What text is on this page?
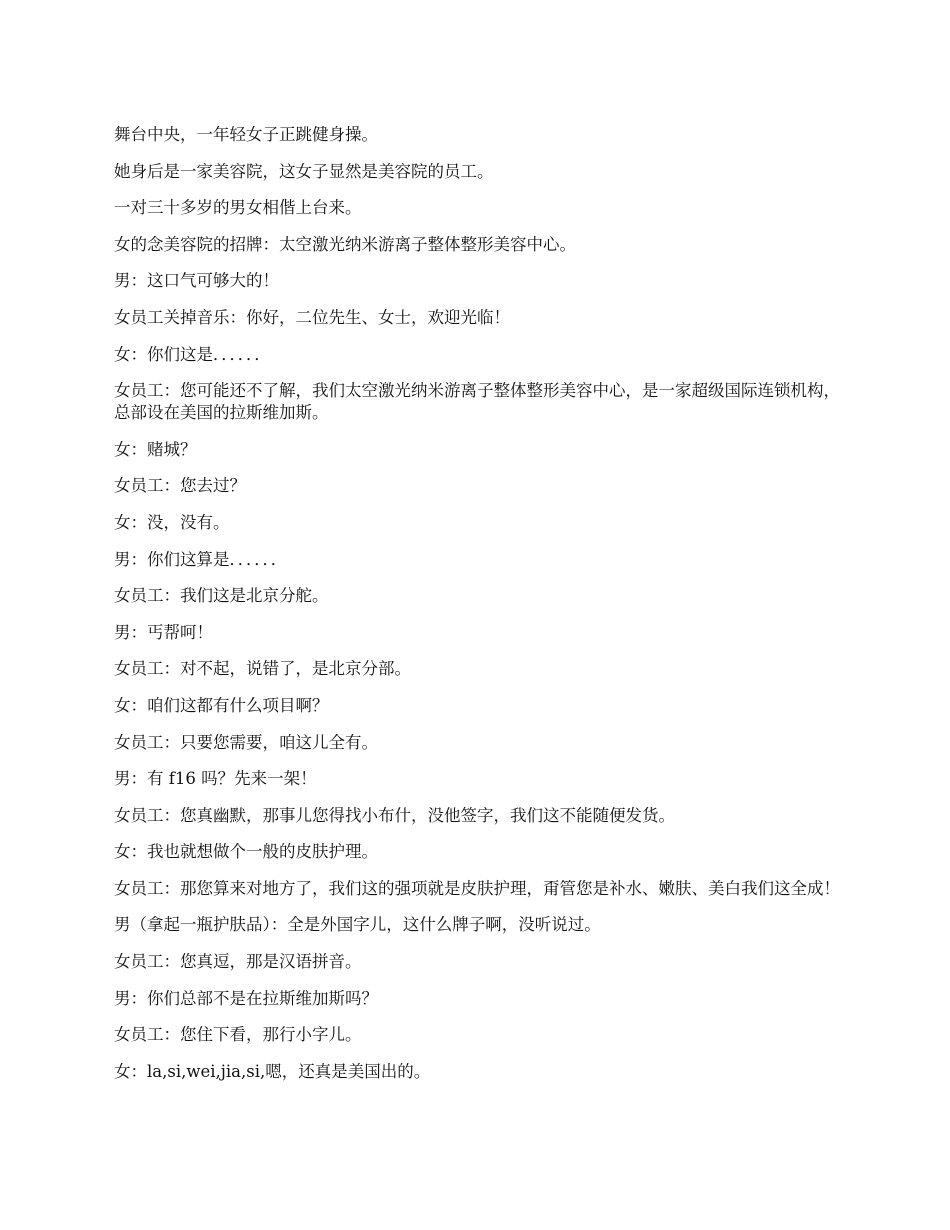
舞台中央，一年轻女子正跳健身操。

她身后是一家美容院，这女子显然是美容院的员工。

一对三十多岁的男女相偕上台来。

女的念美容院的招牌：太空激光纳米游离子整体整形美容中心。

男：这口气可够大的！

女员工关掉音乐：你好，二位先生、女士，欢迎光临！

女：你们这是．．．．．．

女员工：您可能还不了解，我们太空激光纳米游离子整体整形美容中心，是一家超级国际连锁机构，总部设在美国的拉斯维加斯。

女：赌城？

女员工：您去过？

女：没，没有。

男：你们这算是．．．．．．

女员工：我们这是北京分舵。

男：丐帮呵！

女员工：对不起，说错了，是北京分部。

女：咱们这都有什么项目啊？

女员工：只要您需要，咱这儿全有。

男：有 f16 吗？先来一架！

女员工：您真幽默，那事儿您得找小布什，没他签字，我们这不能随便发货。

女：我也就想做个一般的皮肤护理。

女员工：那您算来对地方了，我们这的强项就是皮肤护理，甭管您是补水、嫩肤、美白我们这全成！

男（拿起一瓶护肤品）：全是外国字儿，这什么牌子啊，没听说过。

女员工：您真逗，那是汉语拼音。

男：你们总部不是在拉斯维加斯吗？

女员工：您住下看，那行小字儿。

女：la,si,wei,jia,si,嗯，还真是美国出的。
